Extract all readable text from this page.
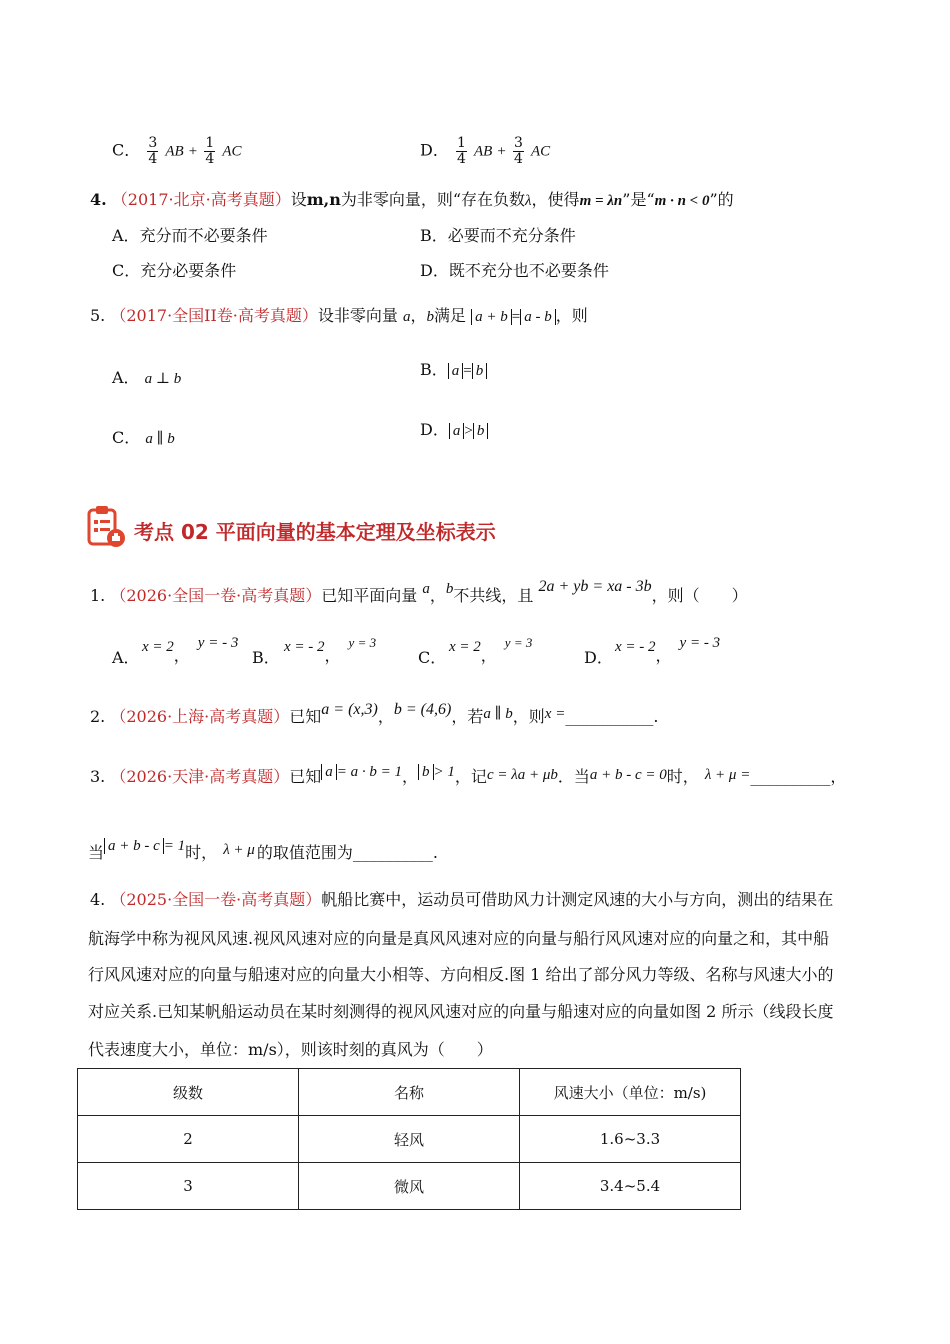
C． $\frac{3}{4}$ AB + $\frac{1}{4}$ AC	D． $\frac{1}{4}$ AB + $\frac{3}{4}$ AC
4. （2017·北京·高考真题）设m,n为非零向量，则“存在负数λ，使得m = λn”是“m · n < 0”的
A．充分而不必要条件	B．必要而不充分条件
C．充分必要条件	D．既不充分也不必要条件
5. （2017·全国II卷·高考真题）设非零向量 a，b满足 a + b = a - b ，则
A． a ⊥ b	B． a = b
C． a ∥ b	D． a > b
考点 02 平面向量的基本定理及坐标表示
1. （2026·全国一卷·高考真题）已知平面向量 a，b不共线，且 2a + yb = xa - 3b，则（　　）
A．
x = 2，y = - 3
B．
x = - 2，$^{y = 3}$
C．
x = 2，$^{y = 3}$
D．
x = - 2，y = - 3
2. （2026·上海·高考真题）已知a = (x,3)，b = (4,6)，若a ∥ b，则x =___________.
3. （2026·天津·高考真题）已知 a = a · b = 1， b > 1，记c = λa + μb．当a + b - c = 0时， λ + μ =__________，
当 a + b - c = 1时， λ + μ 的取值范围为__________.
4. （2025·全国一卷·高考真题）帆船比赛中，运动员可借助风力计测定风速的大小与方向，测出的结果在
航海学中称为视风风速.视风风速对应的向量是真风风速对应的向量与船行风风速对应的向量之和，其中船
行风风速对应的向量与船速对应的向量大小相等、方向相反.图 1 给出了部分风力等级、名称与风速大小的
对应关系.已知某帆船运动员在某时刻测得的视风风速对应的向量与船速对应的向量如图 2 所示（线段长度
代表速度大小，单位：m/s），则该时刻的真风为（　　）
级数	名称	风速大小（单位：m/s)
2	轻风	1.6~3.3
3	微风	3.4~5.4
